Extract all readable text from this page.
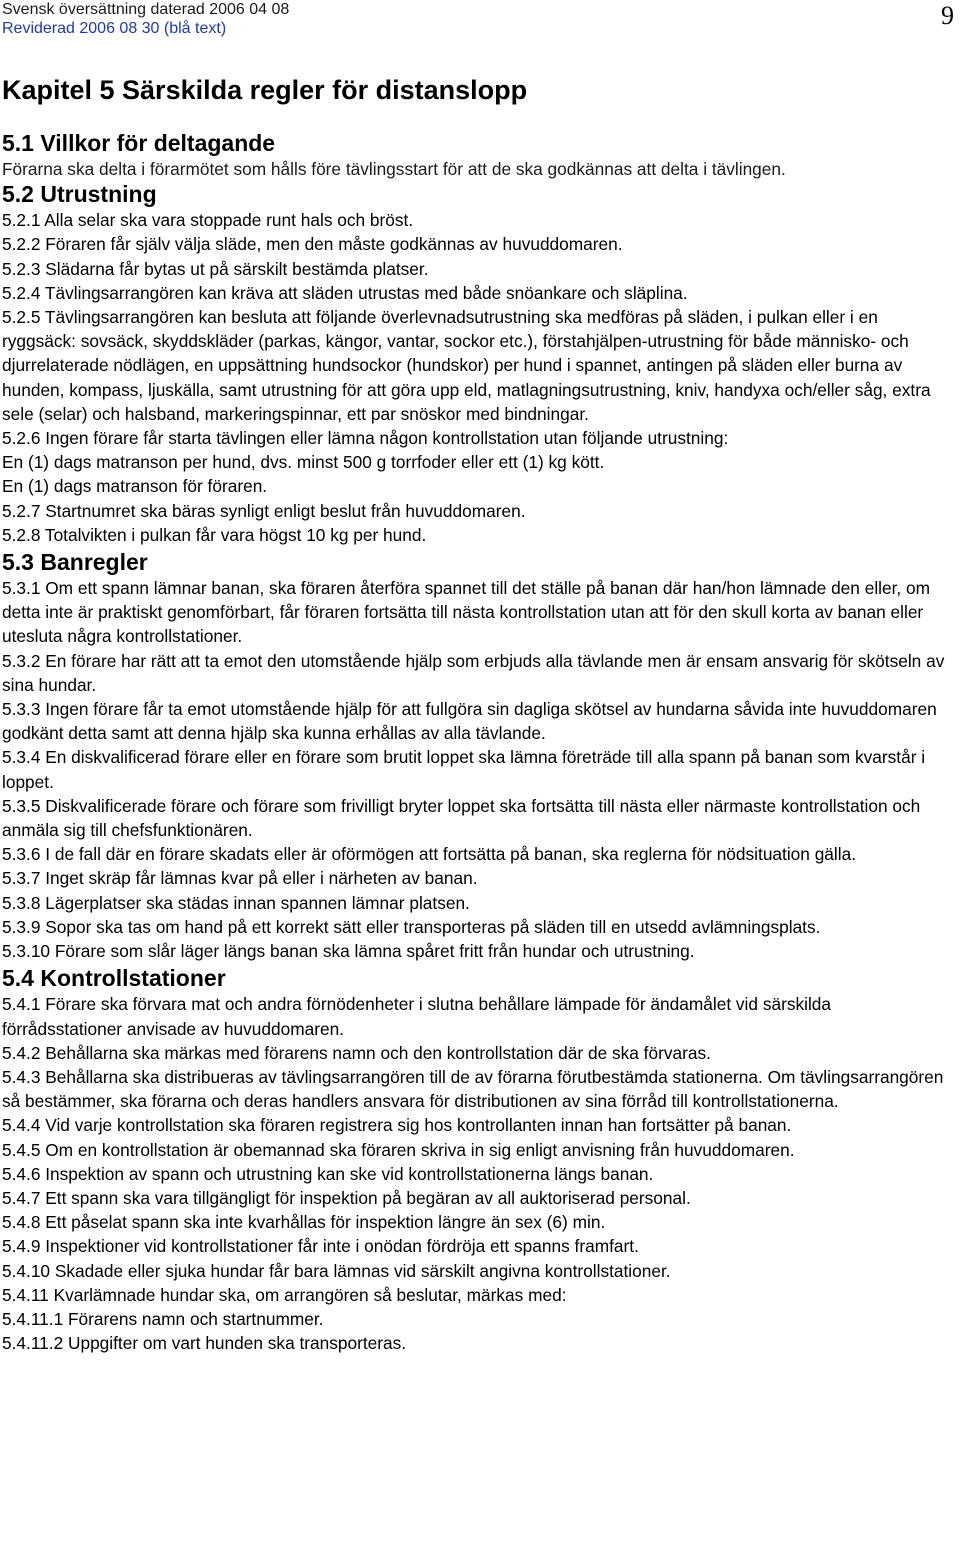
Svensk översättning daterad 2006 04 08
Reviderad 2006 08 30 (blå text)	9
Kapitel 5 Särskilda regler för distanslopp
5.1 Villkor för deltagande

Förarna ska delta i förarmötet som hålls före tävlingsstart för att de ska godkännas att delta i tävlingen.

5.2 Utrustning

5.2.1 Alla selar ska vara stoppade runt hals och bröst.

5.2.2 Föraren får själv välja släde, men den måste godkännas av huvuddomaren.

5.2.3 Slädarna får bytas ut på särskilt bestämda platser.

5.2.4 Tävlingsarrangören kan kräva att släden utrustas med både snöankare och släplina.

5.2.5 Tävlingsarrangören kan besluta att följande överlevnadsutrustning ska medföras på släden, i pulkan eller i en ryggsäck: sovsäck, skyddskläder (parkas, kängor, vantar, sockor etc.), förstahjälpen-utrustning för både människo- och djurrelaterade nödlägen, en uppsättning hundsockor (hundskor) per hund i spannet, antingen på släden eller burna av hunden, kompass, ljuskälla, samt utrustning för att göra upp eld, matlagningsutrustning, kniv, handyxa och/eller såg, extra sele (selar) och halsband, markeringspinnar, ett par snöskor med bindningar.

5.2.6 Ingen förare får starta tävlingen eller lämna någon kontrollstation utan följande utrustning:

En (1) dags matranson per hund, dvs. minst 500 g torrfoder eller ett (1) kg kött.

En (1) dags matranson för föraren.

5.2.7 Startnumret ska bäras synligt enligt beslut från huvuddomaren.

5.2.8 Totalvikten i pulkan får vara högst 10 kg per hund.

5.3 Banregler

5.3.1 Om ett spann lämnar banan, ska föraren återföra spannet till det ställe på banan där han/hon lämnade den eller, om detta inte är praktiskt genomförbart, får föraren fortsätta till nästa kontrollstation utan att för den skull korta av banan eller utesluta några kontrollstationer.

5.3.2 En förare har rätt att ta emot den utomstående hjälp som erbjuds alla tävlande men är ensam ansvarig för skötseln av sina hundar.

5.3.3 Ingen förare får ta emot utomstående hjälp för att fullgöra sin dagliga skötsel av hundarna såvida inte huvuddomaren godkänt detta samt att denna hjälp ska kunna erhållas av alla tävlande.

5.3.4 En diskvalificerad förare eller en förare som brutit loppet ska lämna företräde till alla spann på banan som kvarstår i loppet.

5.3.5 Diskvalificerade förare och förare som frivilligt bryter loppet ska fortsätta till nästa eller närmaste kontrollstation och anmäla sig till chefsfunktionären.

5.3.6 I de fall där en förare skadats eller är oförmögen att fortsätta på banan, ska reglerna för nödsituation gälla.

5.3.7 Inget skräp får lämnas kvar på eller i närheten av banan.

5.3.8 Lägerplatser ska städas innan spannen lämnar platsen.

5.3.9 Sopor ska tas om hand på ett korrekt sätt eller transporteras på släden till en utsedd avlämningsplats.

5.3.10 Förare som slår läger längs banan ska lämna spåret fritt från hundar och utrustning.

5.4 Kontrollstationer

5.4.1 Förare ska förvara mat och andra förnödenheter i slutna behållare lämpade för ändamålet vid särskilda förrådsstationer anvisade av huvuddomaren.

5.4.2 Behållarna ska märkas med förarens namn och den kontrollstation där de ska förvaras.

5.4.3 Behållarna ska distribueras av tävlingsarrangören till de av förarna förutbestämda stationerna. Om tävlingsarrangören så bestämmer, ska förarna och deras handlers ansvara för distributionen av sina förråd till kontrollstationerna.

5.4.4 Vid varje kontrollstation ska föraren registrera sig hos kontrollanten innan han fortsätter på banan.

5.4.5 Om en kontrollstation är obemannad ska föraren skriva in sig enligt anvisning från huvuddomaren.

5.4.6 Inspektion av spann och utrustning kan ske vid kontrollstationerna längs banan.

5.4.7 Ett spann ska vara tillgängligt för inspektion på begäran av all auktoriserad personal.

5.4.8 Ett påselat spann ska inte kvarhållas för inspektion längre än sex (6) min.

5.4.9 Inspektioner vid kontrollstationer får inte i onödan fördröja ett spanns framfart.

5.4.10 Skadade eller sjuka hundar får bara lämnas vid särskilt angivna kontrollstationer.

5.4.11 Kvarlämnade hundar ska, om arrangören så beslutar, märkas med:

5.4.11.1 Förarens namn och startnummer.

5.4.11.2 Uppgifter om vart hunden ska transporteras.
